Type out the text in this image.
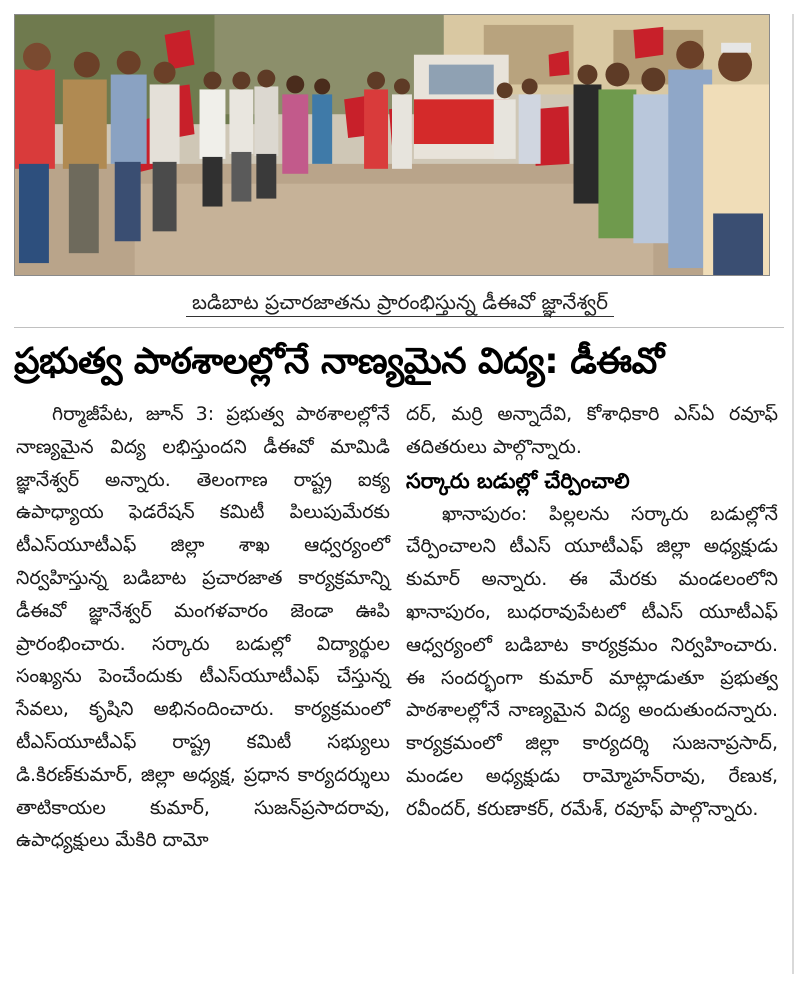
బడిబాట ప్రచారజాతను ప్రారంభిస్తున్న డీఈవో జ్ఞానేశ్వర్
ప్రభుత్వ పాఠశాలల్లోనే నాణ్యమైన విద్య: డీఈవో

గిర్మాజీపేట, జూన్ 3: ప్రభుత్వ పాఠశాలల్లోనే నాణ్యమైన విద్య లభిస్తుందని డీఈవో మామిడి జ్ఞానేశ్వర్ అన్నారు. తెలంగాణ రాష్ట్ర ఐక్య ఉపాధ్యాయ ఫెడరేషన్ కమిటీ పిలుపుమేరకు టీఎస్‌యూటీఎఫ్ జిల్లా శాఖ ఆధ్వర్యంలో నిర్వహిస్తున్న బడిబాట ప్రచారజాత కార్యక్రమాన్ని డీఈవో జ్ఞానేశ్వర్ మంగళవారం జెండా ఊపి ప్రారంభించారు. సర్కారు బడుల్లో విద్యార్థుల సంఖ్యను పెంచేందుకు టీఎస్‌యూటీఎఫ్ చేస్తున్న సేవలు, కృషిని అభినందించారు. కార్యక్రమంలో టీఎస్‌యూటీఎఫ్ రాష్ట్ర కమిటీ సభ్యులు డి.కిరణ్‌కుమార్, జిల్లా అధ్యక్ష, ప్రధాన కార్యదర్శులు తాటికాయల కుమార్, సుజన్‌ప్రసాదరావు, ఉపాధ్యక్షులు మేకిరి దామో

దర్, మర్రి అన్నాదేవి, కోశాధికారి ఎస్‌ఏ రవూఫ్ తదితరులు పాల్గొన్నారు.

సర్కారు బడుల్లో చేర్పించాలి

ఖానాపురం: పిల్లలను సర్కారు బడుల్లోనే చేర్పించాలని టీఎస్ యూటీఎఫ్ జిల్లా అధ్యక్షుడు కుమార్ అన్నారు. ఈ మేరకు మండలంలోని ఖానాపురం, బుధరావుపేటలో టీఎస్ యూటీఎఫ్ ఆధ్వర్యంలో బడిబాట కార్యక్రమం నిర్వహించారు. ఈ సందర్భంగా కుమార్ మాట్లాడుతూ ప్రభుత్వ పాఠశాలల్లోనే నాణ్యమైన విద్య అందుతుందన్నారు. కార్యక్రమంలో జిల్లా కార్యదర్శి సుజనాప్రసాద్, మండల అధ్యక్షుడు రామ్మోహన్‌రావు, రేణుక, రవీందర్, కరుణాకర్, రమేశ్, రవూఫ్ పాల్గొన్నారు.
